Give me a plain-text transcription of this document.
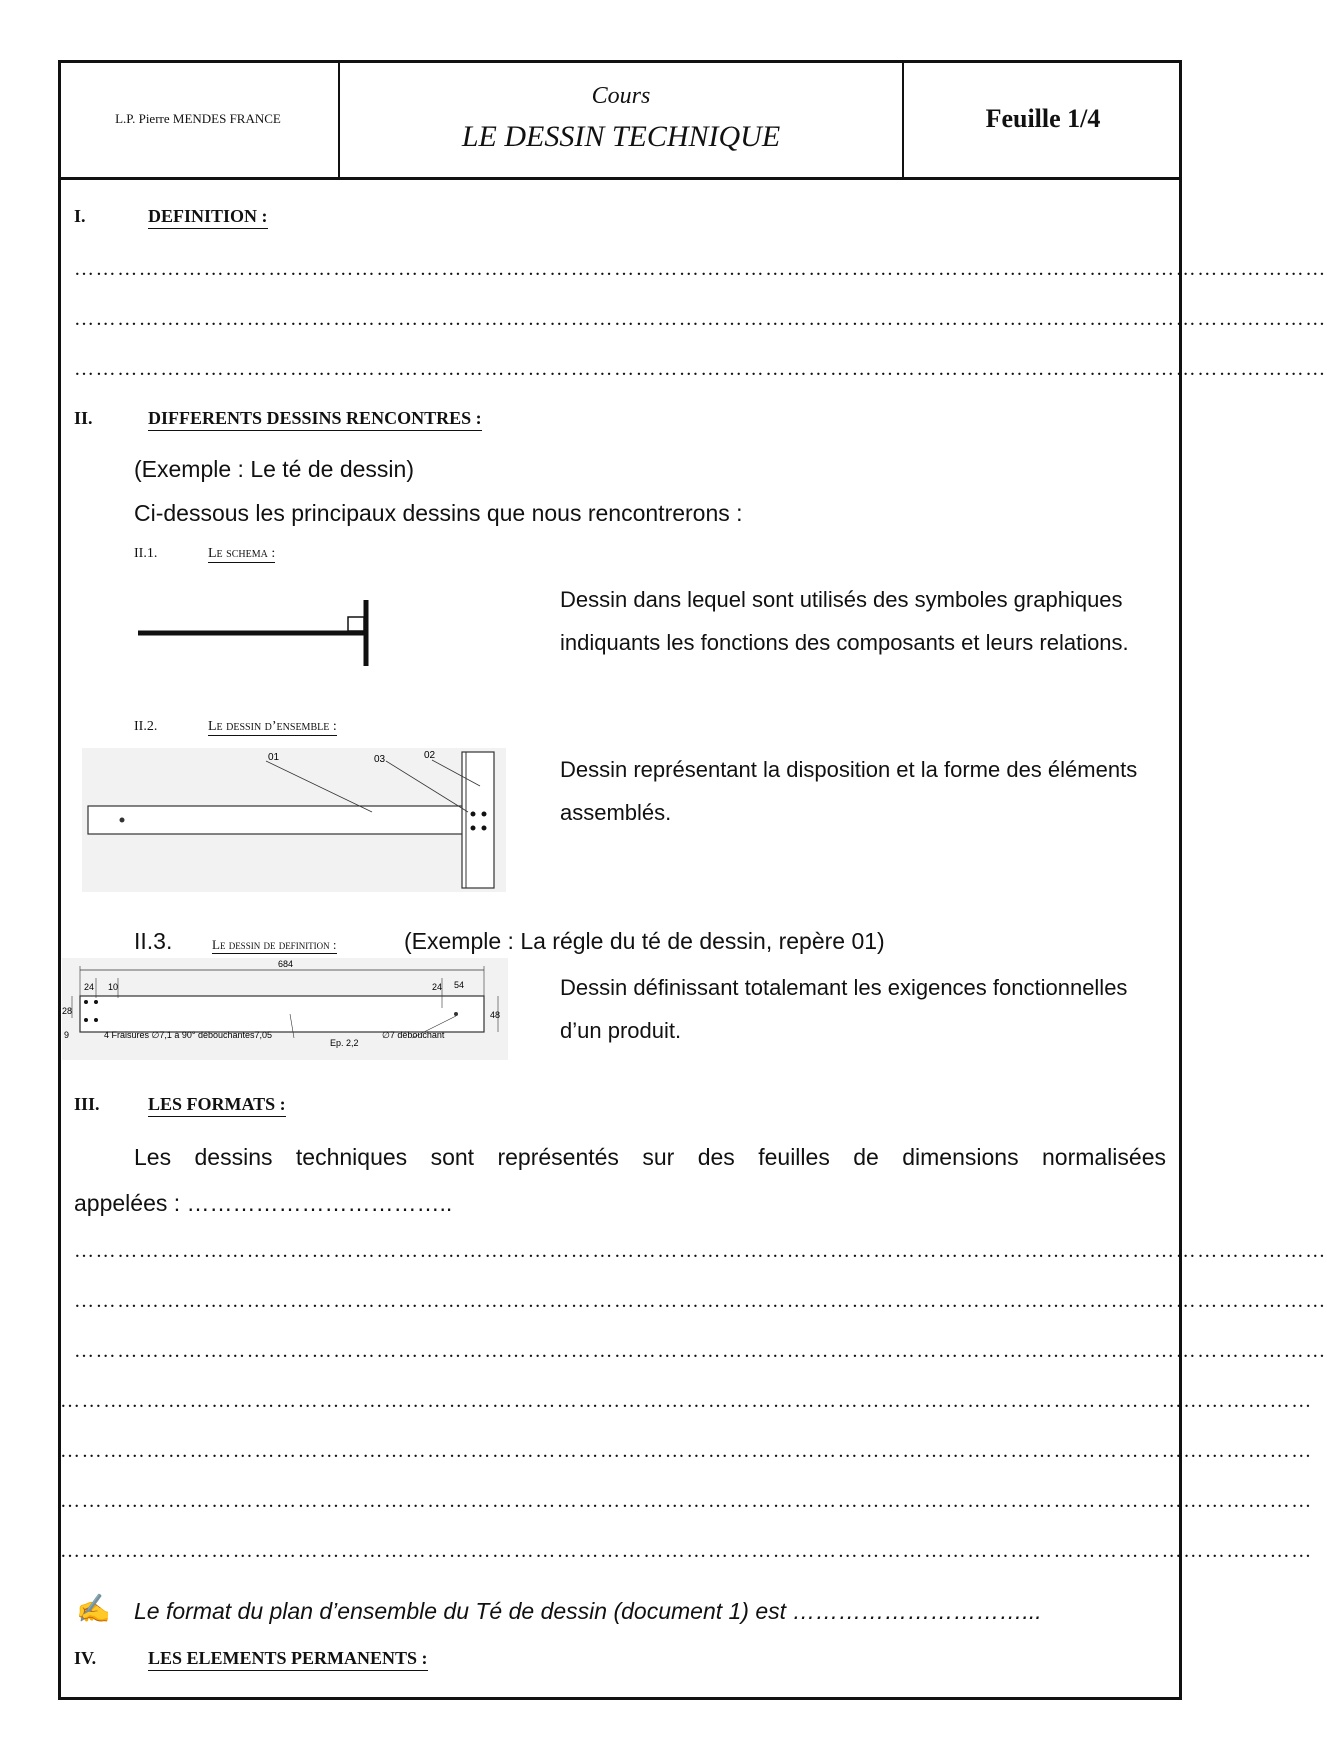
L.P. Pierre MENDES FRANCE
Cours
LE DESSIN TECHNIQUE
Feuille 1/4
I.	DEFINITION :
…………………………………………………………………………………………………………………………………………………………
…………………………………………………………………………………………………………………………………………………………
…………………………………………………………………………………………………………………………………………………………
II.	DIFFERENTS DESSINS RENCONTRES :
(Exemple : Le té de dessin)
Ci-dessous les principaux dessins que nous rencontrerons :
II.1.	Le schema :
Dessin dans lequel sont utilisés des symboles graphiques indiquants les fonctions des composants et leurs relations.
II.2.	Le dessin d’ensemble :
01	03	02
Dessin représentant la disposition et la forme des éléments assemblés.
II.3.	Le dessin de definition :	(Exemple : La régle du té de dessin, repère 01)
684
24 10	24 54
28	48
9	4 Fraisures ∅7,1 à 90° débouchantes7,05
Ep. 2,2
∅7 débouchant
Dessin définissant totalemant les exigences fonctionnelles d’un produit.
III.	LES FORMATS :
Les dessins techniques sont représentés sur des feuilles de dimensions normalisées
appelées : ……………………………..
…………………………………………………………………………………………………………………………………………………………
…………………………………………………………………………………………………………………………………………………………
…………………………………………………………………………………………………………………………………………………………
…………………………………………………………………………………………………………………………………………………………
…………………………………………………………………………………………………………………………………………………………
…………………………………………………………………………………………………………………………………………………………
…………………………………………………………………………………………………………………………………………………………
✍ Le format du plan d’ensemble du Té de dessin (document 1) est …………………………...
IV.	LES ELEMENTS PERMANENTS :
